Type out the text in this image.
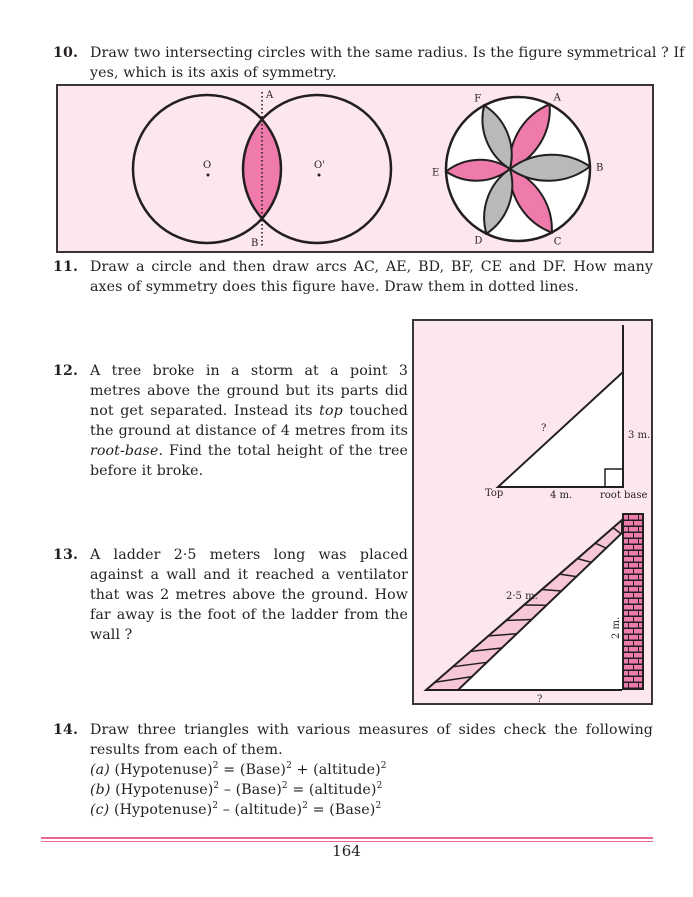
10. Draw two intersecting circles with the same radius. Is the figure symmetrical ? If
yes, which is its axis of symmetry.
O	O'
A
B
A
B
C
D
E
F
11. Draw a circle and then draw arcs AC, AE, BD, BF, CE and DF. How many
axes of symmetry does this figure have. Draw them in dotted lines.
12. A tree broke in a storm at a point 3
metres above the ground but its parts did
not get separated. Instead its top touched
the ground at distance of 4 metres from its
root-base. Find the total height of the tree
before it broke.
?
3 m.
4 m.
Top	root base
2·5 m.
2 m.
?
13. A ladder 2·5 meters long was placed
against a wall and it reached a ventilator
that was 2 metres above the ground. How
far away is the foot of the ladder from the
wall ?
14. Draw three triangles with various measures of sides check the following
results from each of them.
(a) (Hypotenuse)$^2$ = (Base)$^2$ + (altitude)$^2$
(b) (Hypotenuse)$^2$ – (Base)$^2$ = (altitude)$^2$
(c) (Hypotenuse)$^2$ – (altitude)$^2$ = (Base)$^2$
164
